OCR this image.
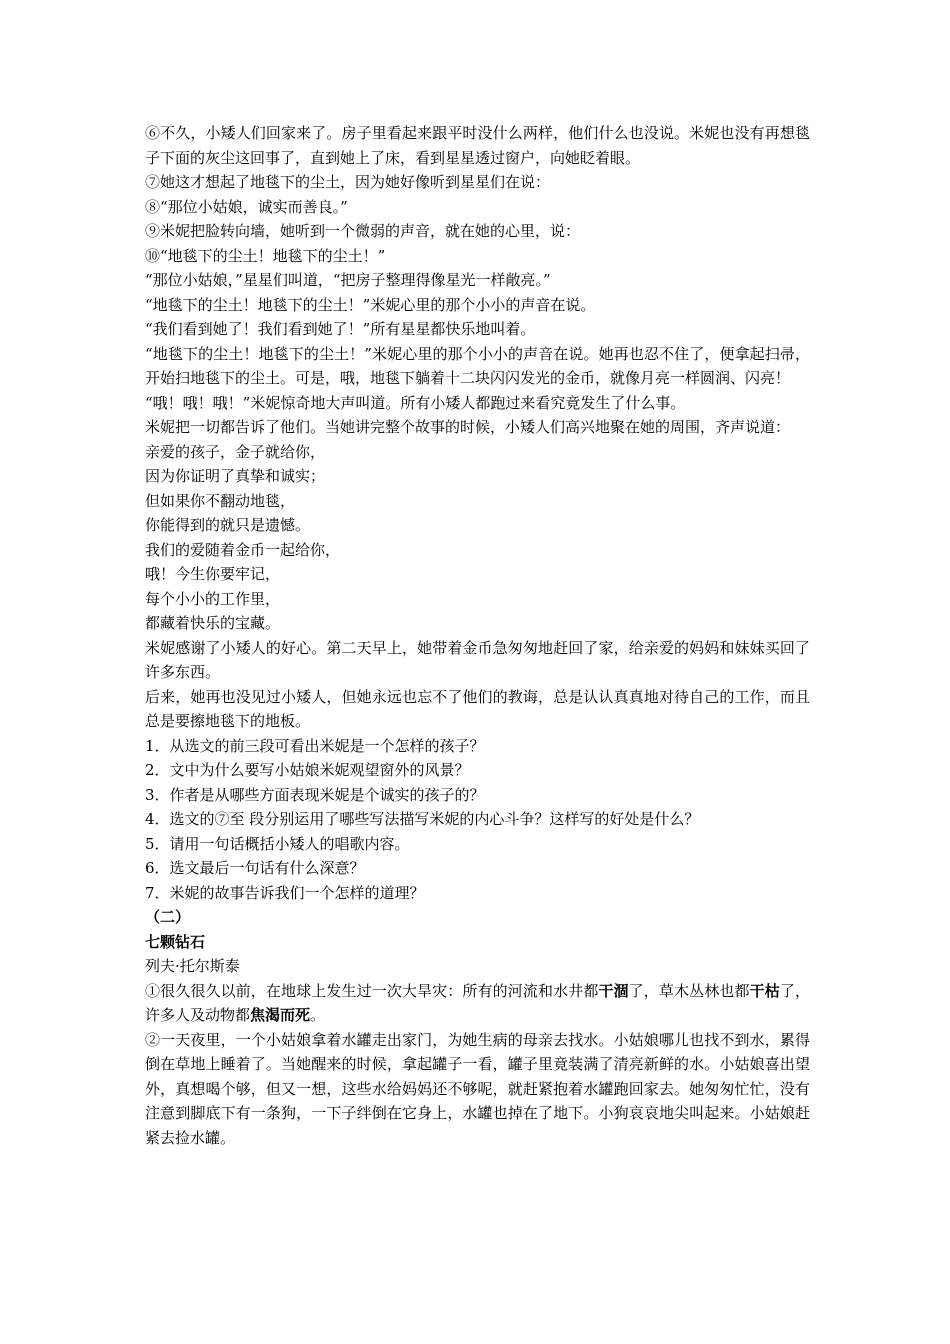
⑥不久，小矮人们回家来了。房子里看起来跟平时没什么两样，他们什么也没说。米妮也没有再想毯子下面的灰尘这回事了，直到她上了床，看到星星透过窗户，向她眨着眼。

⑦她这才想起了地毯下的尘土，因为她好像听到星星们在说：

⑧“那位小姑娘，诚实而善良。”

⑨米妮把脸转向墙，她听到一个微弱的声音，就在她的心里，说：

⑩“地毯下的尘土！地毯下的尘土！”

“那位小姑娘，”星星们叫道，“把房子整理得像星光一样敞亮。”

“地毯下的尘土！地毯下的尘土！”米妮心里的那个小小的声音在说。

“我们看到她了！我们看到她了！”所有星星都快乐地叫着。

“地毯下的尘土！地毯下的尘土！”米妮心里的那个小小的声音在说。她再也忍不住了，便拿起扫帚，开始扫地毯下的尘土。可是，哦，地毯下躺着十二块闪闪发光的金币，就像月亮一样圆润、闪亮！

“哦！哦！哦！”米妮惊奇地大声叫道。所有小矮人都跑过来看究竟发生了什么事。

米妮把一切都告诉了他们。当她讲完整个故事的时候，小矮人们高兴地聚在她的周围，齐声说道：

亲爱的孩子，金子就给你，

因为你证明了真挚和诚实；

但如果你不翻动地毯，

你能得到的就只是遗憾。

我们的爱随着金币一起给你，

哦！今生你要牢记，

每个小小的工作里，

都藏着快乐的宝藏。

米妮感谢了小矮人的好心。第二天早上，她带着金币急匆匆地赶回了家，给亲爱的妈妈和妹妹买回了许多东西。

后来，她再也没见过小矮人，但她永远也忘不了他们的教诲，总是认认真真地对待自己的工作，而且总是要擦地毯下的地板。

1．从选文的前三段可看出米妮是一个怎样的孩子？

2．文中为什么要写小姑娘米妮观望窗外的风景？

3．作者是从哪些方面表现米妮是个诚实的孩子的？

4．选文的⑦至 段分别运用了哪些写法描写米妮的内心斗争？这样写的好处是什么？

5．请用一句话概括小矮人的唱歌内容。

6．选文最后一句话有什么深意？

7．米妮的故事告诉我们一个怎样的道理？

（二）

七颗钻石

列夫·托尔斯泰

①很久很久以前，在地球上发生过一次大旱灾：所有的河流和水井都干涸了，草木丛林也都干枯了，许多人及动物都焦渴而死。

②一天夜里，一个小姑娘拿着水罐走出家门，为她生病的母亲去找水。小姑娘哪儿也找不到水，累得倒在草地上睡着了。当她醒来的时候，拿起罐子一看，罐子里竟装满了清亮新鲜的水。小姑娘喜出望外，真想喝个够，但又一想，这些水给妈妈还不够呢，就赶紧抱着水罐跑回家去。她匆匆忙忙，没有注意到脚底下有一条狗，一下子绊倒在它身上，水罐也掉在了地下。小狗哀哀地尖叫起来。小姑娘赶紧去捡水罐。
